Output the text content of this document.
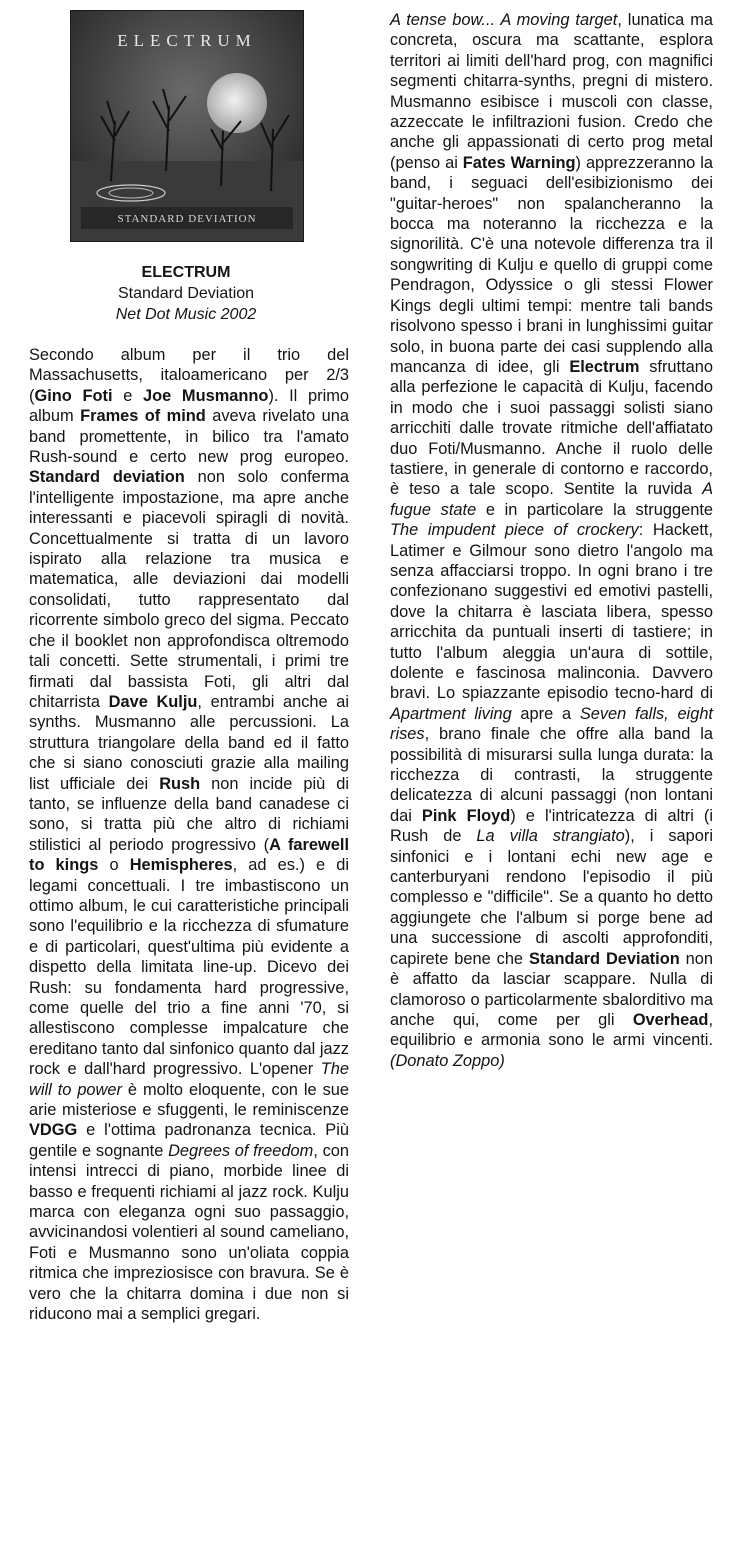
ELECTRUM
STANDARD DEVIATION
ELECTRUM
Standard Deviation
Net Dot Music 2002
Secondo album per il trio del Massachusetts, italoamericano per 2/3 (Gino Foti e Joe Musmanno). Il primo album Frames of mind aveva rivelato una band promettente, in bilico tra l'amato Rush-sound e certo new prog europeo. Standard deviation non solo conferma l'intelligente impostazione, ma apre anche interessanti e piacevoli spiragli di novità. Concettualmente si tratta di un lavoro ispirato alla relazione tra musica e matematica, alle deviazioni dai modelli consolidati, tutto rappresentato dal ricorrente simbolo greco del sigma. Peccato che il booklet non approfondisca oltremodo tali concetti. Sette strumentali, i primi tre firmati dal bassista Foti, gli altri dal chitarrista Dave Kulju, entrambi anche ai synths. Musmanno alle percussioni. La struttura triangolare della band ed il fatto che si siano conosciuti grazie alla mailing list ufficiale dei Rush non incide più di tanto, se influenze della band canadese ci sono, si tratta più che altro di richiami stilistici al periodo progressivo (A farewell to kings o Hemispheres, ad es.) e di legami concettuali. I tre imbastiscono un ottimo album, le cui caratteristiche principali sono l'equilibrio e la ricchezza di sfumature e di particolari, quest'ultima più evidente a dispetto della limitata line-up. Dicevo dei Rush: su fondamenta hard progressive, come quelle del trio a fine anni '70, si allestiscono complesse impalcature che ereditano tanto dal sinfonico quanto dal jazz rock e dall'hard progressivo. L'opener The will to power è molto eloquente, con le sue arie misteriose e sfuggenti, le reminiscenze VDGG e l'ottima padronanza tecnica. Più gentile e sognante Degrees of freedom, con intensi intrecci di piano, morbide linee di basso e frequenti richiami al jazz rock. Kulju marca con eleganza ogni suo passaggio, avvicinandosi volentieri al sound cameliano, Foti e Musmanno sono un'oliata coppia ritmica che impreziosisce con bravura. Se è vero che la chitarra domina i due non si riducono mai a semplici gregari.
A tense bow... A moving target, lunatica ma concreta, oscura ma scattante, esplora territori ai limiti dell'hard prog, con magnifici segmenti chitarra-synths, pregni di mistero. Musmanno esibisce i muscoli con classe, azzeccate le infiltrazioni fusion. Credo che anche gli appassionati di certo prog metal (penso ai Fates Warning) apprezzeranno la band, i seguaci dell'esibizionismo dei "guitar-heroes" non spalancheranno la bocca ma noteranno la ricchezza e la signorilità. C'è una notevole differenza tra il songwriting di Kulju e quello di gruppi come Pendragon, Odyssice o gli stessi Flower Kings degli ultimi tempi: mentre tali bands risolvono spesso i brani in lunghissimi guitar solo, in buona parte dei casi supplendo alla mancanza di idee, gli Electrum sfruttano alla perfezione le capacità di Kulju, facendo in modo che i suoi passaggi solisti siano arricchiti dalle trovate ritmiche dell'affiatato duo Foti/Musmanno. Anche il ruolo delle tastiere, in generale di contorno e raccordo, è teso a tale scopo. Sentite la ruvida A fugue state e in particolare la struggente The impudent piece of crockery: Hackett, Latimer e Gilmour sono dietro l'angolo ma senza affacciarsi troppo. In ogni brano i tre confezionano suggestivi ed emotivi pastelli, dove la chitarra è lasciata libera, spesso arricchita da puntuali inserti di tastiere; in tutto l'album aleggia un'aura di sottile, dolente e fascinosa malinconia. Davvero bravi. Lo spiazzante episodio tecno-hard di Apartment living apre a Seven falls, eight rises, brano finale che offre alla band la possibilità di misurarsi sulla lunga durata: la ricchezza di contrasti, la struggente delicatezza di alcuni passaggi (non lontani dai Pink Floyd) e l'intricatezza di altri (i Rush de La villa strangiato), i sapori sinfonici e i lontani echi new age e canterburyani rendono l'episodio il più complesso e "difficile". Se a quanto ho detto aggiungete che l'album si porge bene ad una successione di ascolti approfonditi, capirete bene che Standard Deviation non è affatto da lasciar scappare. Nulla di clamoroso o particolarmente sbalorditivo ma anche qui, come per gli Overhead, equilibrio e armonia sono le armi vincenti. (Donato Zoppo)
